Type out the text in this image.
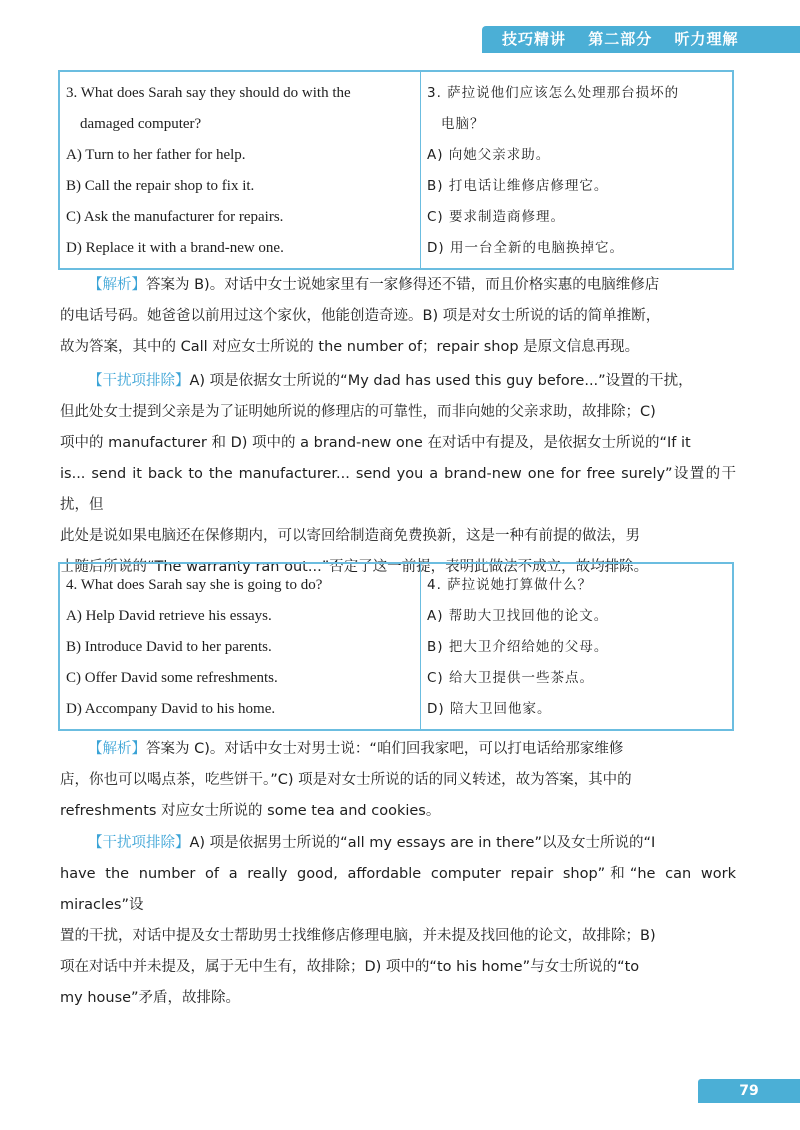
技巧精讲 第二部分 听力理解
3. What does Sarah say they should do with the
damaged computer?
A) Turn to her father for help.
B) Call the repair shop to fix it.
C) Ask the manufacturer for repairs.
D) Replace it with a brand-new one.

3. 萨拉说他们应该怎么处理那台损坏的
电脑？
A) 向她父亲求助。
B) 打电话让维修店修理它。
C) 要求制造商修理。
D) 用一台全新的电脑换掉它。
【解析】答案为 B)。对话中女士说她家里有一家修得还不错，而且价格实惠的电脑维修店
的电话号码。她爸爸以前用过这个家伙，他能创造奇迹。B) 项是对女士所说的话的简单推断，
故为答案，其中的 Call 对应女士所说的 the number of；repair shop 是原文信息再现。
【干扰项排除】A) 项是依据女士所说的“My dad has used this guy before...”设置的干扰，
但此处女士提到父亲是为了证明她所说的修理店的可靠性，而非向她的父亲求助，故排除；C)
项中的 manufacturer 和 D) 项中的 a brand-new one 在对话中有提及，是依据女士所说的“If it
is... send it back to the manufacturer... send you a brand-new one for free surely”设置的干扰，但
此处是说如果电脑还在保修期内，可以寄回给制造商免费换新，这是一种有前提的做法，男
士随后所说的“The warranty ran out...”否定了这一前提，表明此做法不成立，故均排除。
4. What does Sarah say she is going to do?
A) Help David retrieve his essays.
B) Introduce David to her parents.
C) Offer David some refreshments.
D) Accompany David to his home.

4. 萨拉说她打算做什么？
A) 帮助大卫找回他的论文。
B) 把大卫介绍给她的父母。
C) 给大卫提供一些茶点。
D) 陪大卫回他家。
【解析】答案为 C)。对话中女士对男士说：“咱们回我家吧，可以打电话给那家维修
店，你也可以喝点茶，吃些饼干。”C) 项是对女士所说的话的同义转述，故为答案，其中的
refreshments 对应女士所说的 some tea and cookies。
【干扰项排除】A) 项是依据男士所说的“all my essays are in there”以及女士所说的“I
have the number of a really good, affordable computer repair shop”和“he can work miracles”设
置的干扰，对话中提及女士帮助男士找维修店修理电脑，并未提及找回他的论文，故排除；B)
项在对话中并未提及，属于无中生有，故排除；D) 项中的“to his home”与女士所说的“to
my house”矛盾，故排除。
79
